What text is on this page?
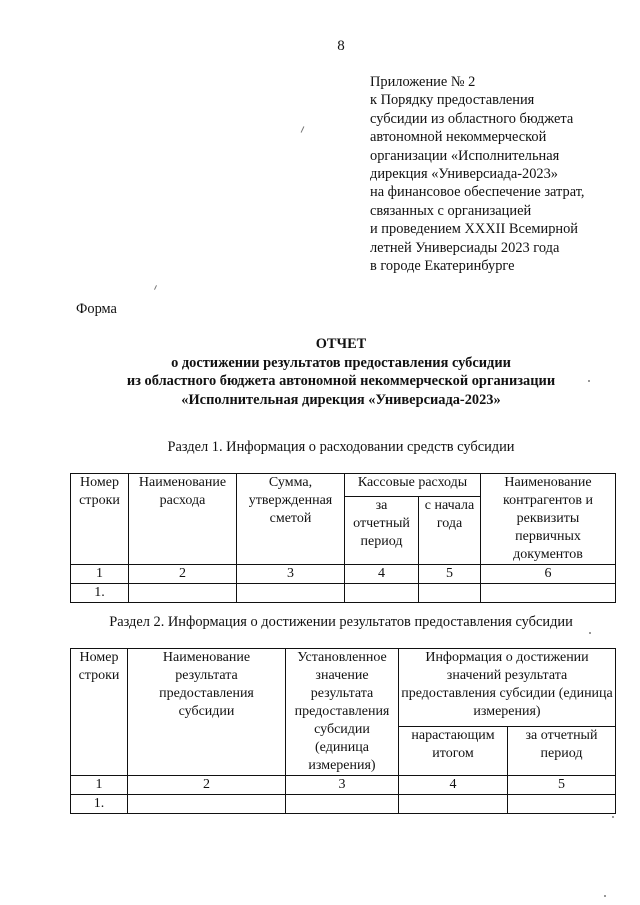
8
Приложение № 2
к Порядку предоставления
субсидии из областного бюджета
автономной некоммерческой
организации «Исполнительная
дирекция «Универсиада-2023»
на финансовое обеспечение затрат,
связанных с организацией
и проведением XXXII Всемирной
летней Универсиады 2023 года
в городе Екатеринбурге
Форма
ОТЧЕТ
о достижении результатов предоставления субсидии
из областного бюджета автономной некоммерческой организации
«Исполнительная дирекция «Универсиада-2023»
Раздел 1. Информация о расходовании средств субсидии
Номер строки	Наименование расхода	Сумма, утвержденная сметой	Кассовые расходы		Наименование контрагентов и реквизиты первичных документов
			за отчетный период	с начала года	
1	2	3	4	5	6
1.					
Раздел 2. Информация о достижении результатов предоставления субсидии
Номер строки	Наименование результата предоставления субсидии	Установленное значение результата предоставления субсидии (единица измерения)	Информация о достижении значений результата предоставления субсидии (единица измерения)	
			нарастающим итогом	за отчетный период
1	2	3	4	5
1.				
